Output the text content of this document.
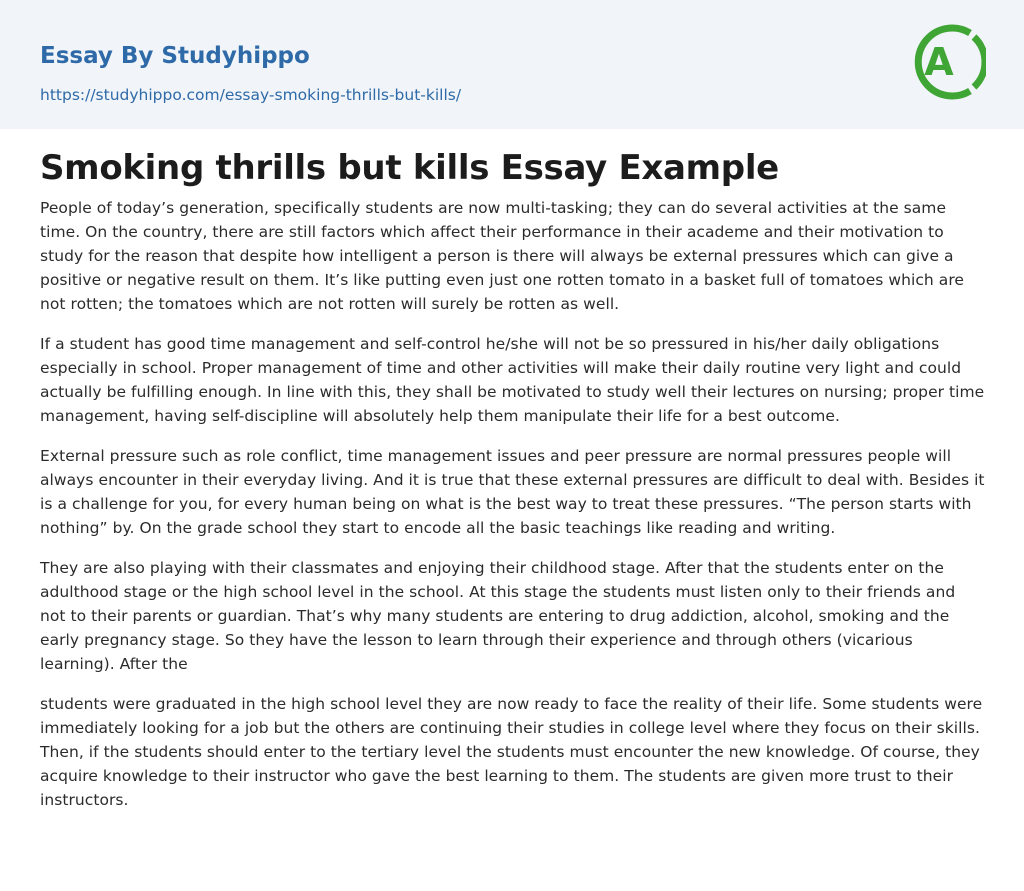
Essay By Studyhippo
https://studyhippo.com/essay-smoking-thrills-but-kills/
A
Smoking thrills but kills Essay Example

People of today’s generation, specifically students are now multi-tasking; they can do several activities at the same time. On the country, there are still factors which affect their performance in their academe and their motivation to study for the reason that despite how intelligent a person is there will always be external pressures which can give a positive or negative result on them. It’s like putting even just one rotten tomato in a basket full of tomatoes which are not rotten; the tomatoes which are not rotten will surely be rotten as well.

If a student has good time management and self-control he/she will not be so pressured in his/her daily obligations especially in school. Proper management of time and other activities will make their daily routine very light and could actually be fulfilling enough. In line with this, they shall be motivated to study well their lectures on nursing; proper time management, having self-discipline will absolutely help them manipulate their life for a best outcome.

External pressure such as role conflict, time management issues and peer pressure are normal pressures people will always encounter in their everyday living. And it is true that these external pressures are difficult to deal with. Besides it is a challenge for you, for every human being on what is the best way to treat these pressures. “The person starts with nothing” by. On the grade school they start to encode all the basic teachings like reading and writing.

They are also playing with their classmates and enjoying their childhood stage. After that the students enter on the adulthood stage or the high school level in the school. At this stage the students must listen only to their friends and not to their parents or guardian. That’s why many students are entering to drug addiction, alcohol, smoking and the early pregnancy stage. So they have the lesson to learn through their experience and through others (vicarious learning). After the

students were graduated in the high school level they are now ready to face the reality of their life. Some students were immediately looking for a job but the others are continuing their studies in college level where they focus on their skills. Then, if the students should enter to the tertiary level the students must encounter the new knowledge. Of course, they acquire knowledge to their instructor who gave the best learning to them. The students are given more trust to their instructors.
